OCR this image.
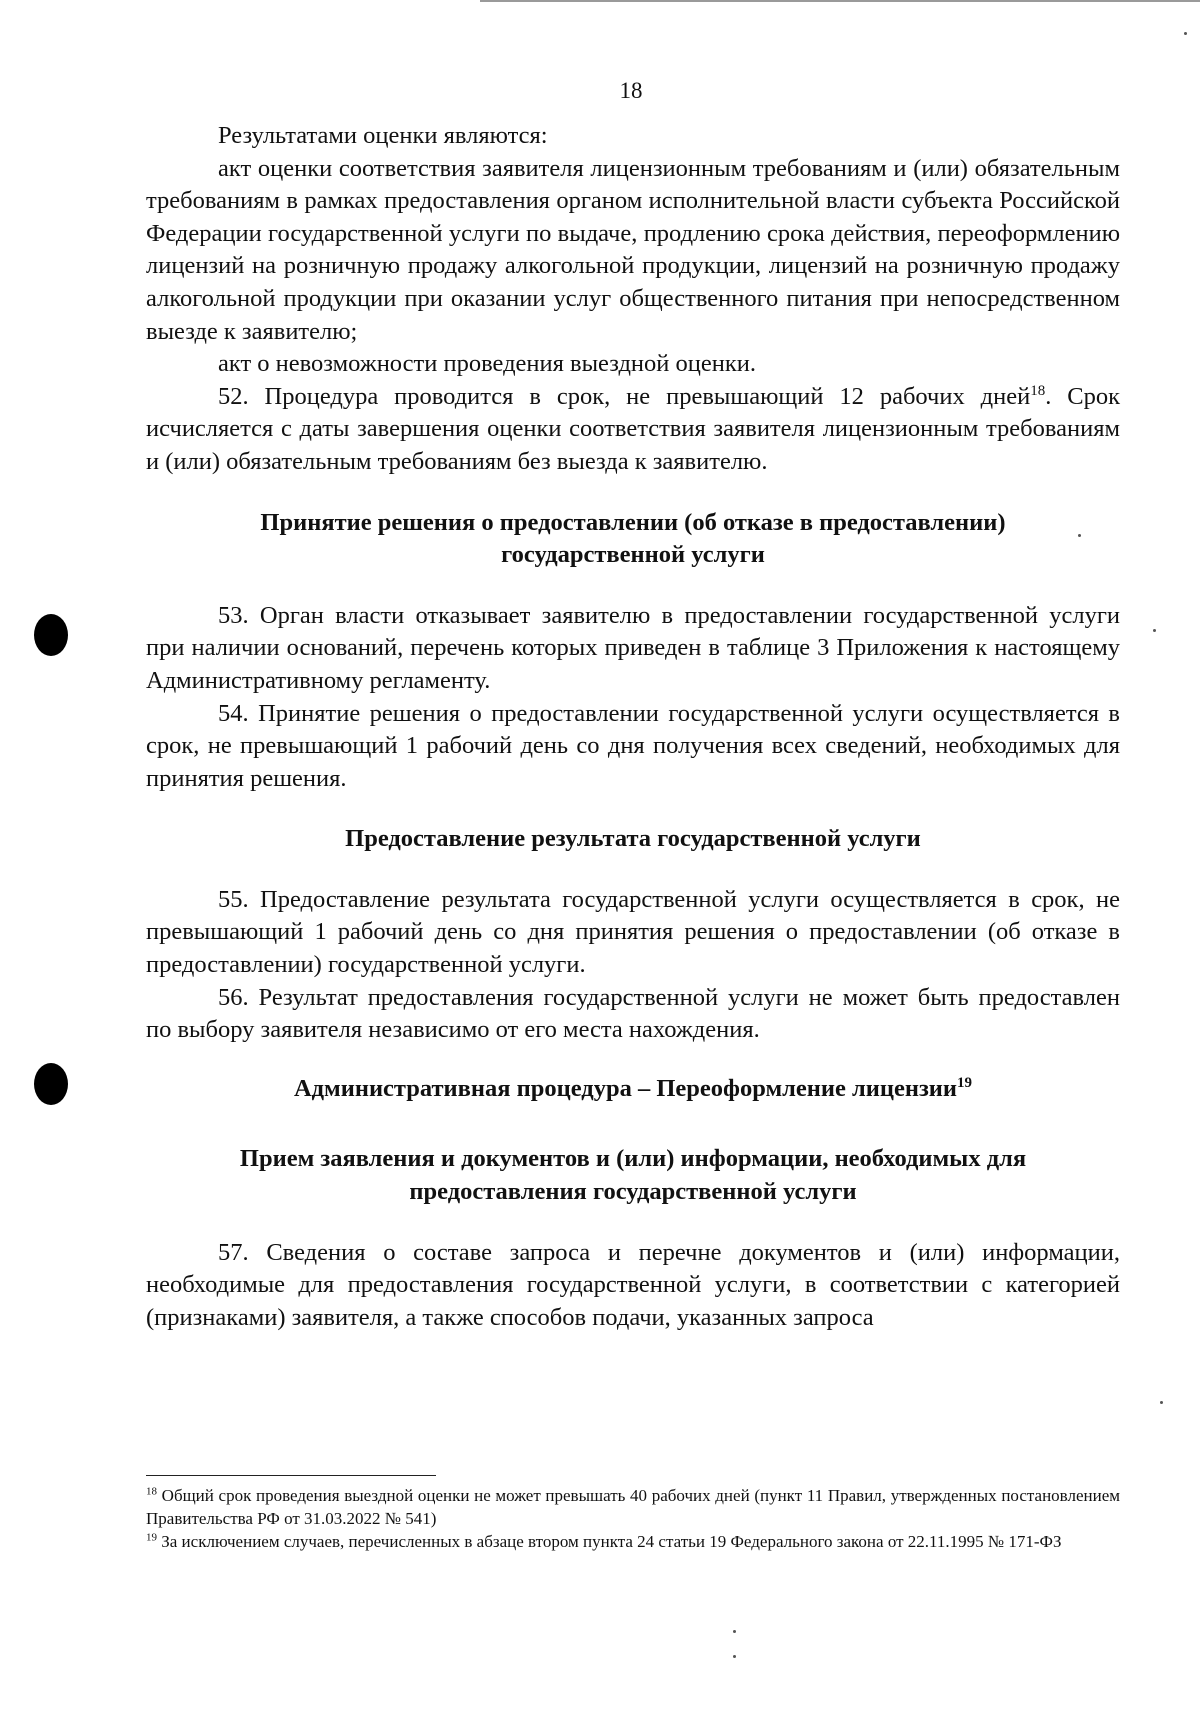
18

Результатами оценки являются:

акт оценки соответствия заявителя лицензионным требованиям и (или) обязательным требованиям в рамках предоставления органом исполнительной власти субъекта Российской Федерации государственной услуги по выдаче, продлению срока действия, переоформлению лицензий на розничную продажу алкогольной продукции, лицензий на розничную продажу алкогольной продукции при оказании услуг общественного питания при непосредственном выезде к заявителю;

акт о невозможности проведения выездной оценки.

52. Процедура проводится в срок, не превышающий 12 рабочих дней$^{18}$. Срок исчисляется с даты завершения оценки соответствия заявителя лицензионным требованиям и (или) обязательным требованиям без выезда к заявителю.

Принятие решения о предоставлении (об отказе в предоставлении) государственной услуги

53. Орган власти отказывает заявителю в предоставлении государственной услуги при наличии оснований, перечень которых приведен в таблице 3 Приложения к настоящему Административному регламенту.

54. Принятие решения о предоставлении государственной услуги осуществляется в срок, не превышающий 1 рабочий день со дня получения всех сведений, необходимых для принятия решения.

Предоставление результата государственной услуги

55. Предоставление результата государственной услуги осуществляется в срок, не превышающий 1 рабочий день со дня принятия решения о предоставлении (об отказе в предоставлении) государственной услуги.

56. Результат предоставления государственной услуги не может быть предоставлен по выбору заявителя независимо от его места нахождения.

Административная процедура – Переоформление лицензии$^{19}$
Прием заявления и документов и (или) информации, необходимых для предоставления государственной услуги

57. Сведения о составе запроса и перечне документов и (или) информации, необходимые для предоставления государственной услуги, в соответствии с категорией (признаками) заявителя, а также способов подачи, указанных запроса

$^{18}$ Общий срок проведения выездной оценки не может превышать 40 рабочих дней (пункт 11 Правил, утвержденных постановлением Правительства РФ от 31.03.2022 № 541)

$^{19}$ За исключением случаев, перечисленных в абзаце втором пункта 24 статьи 19 Федерального закона от 22.11.1995 № 171-ФЗ
